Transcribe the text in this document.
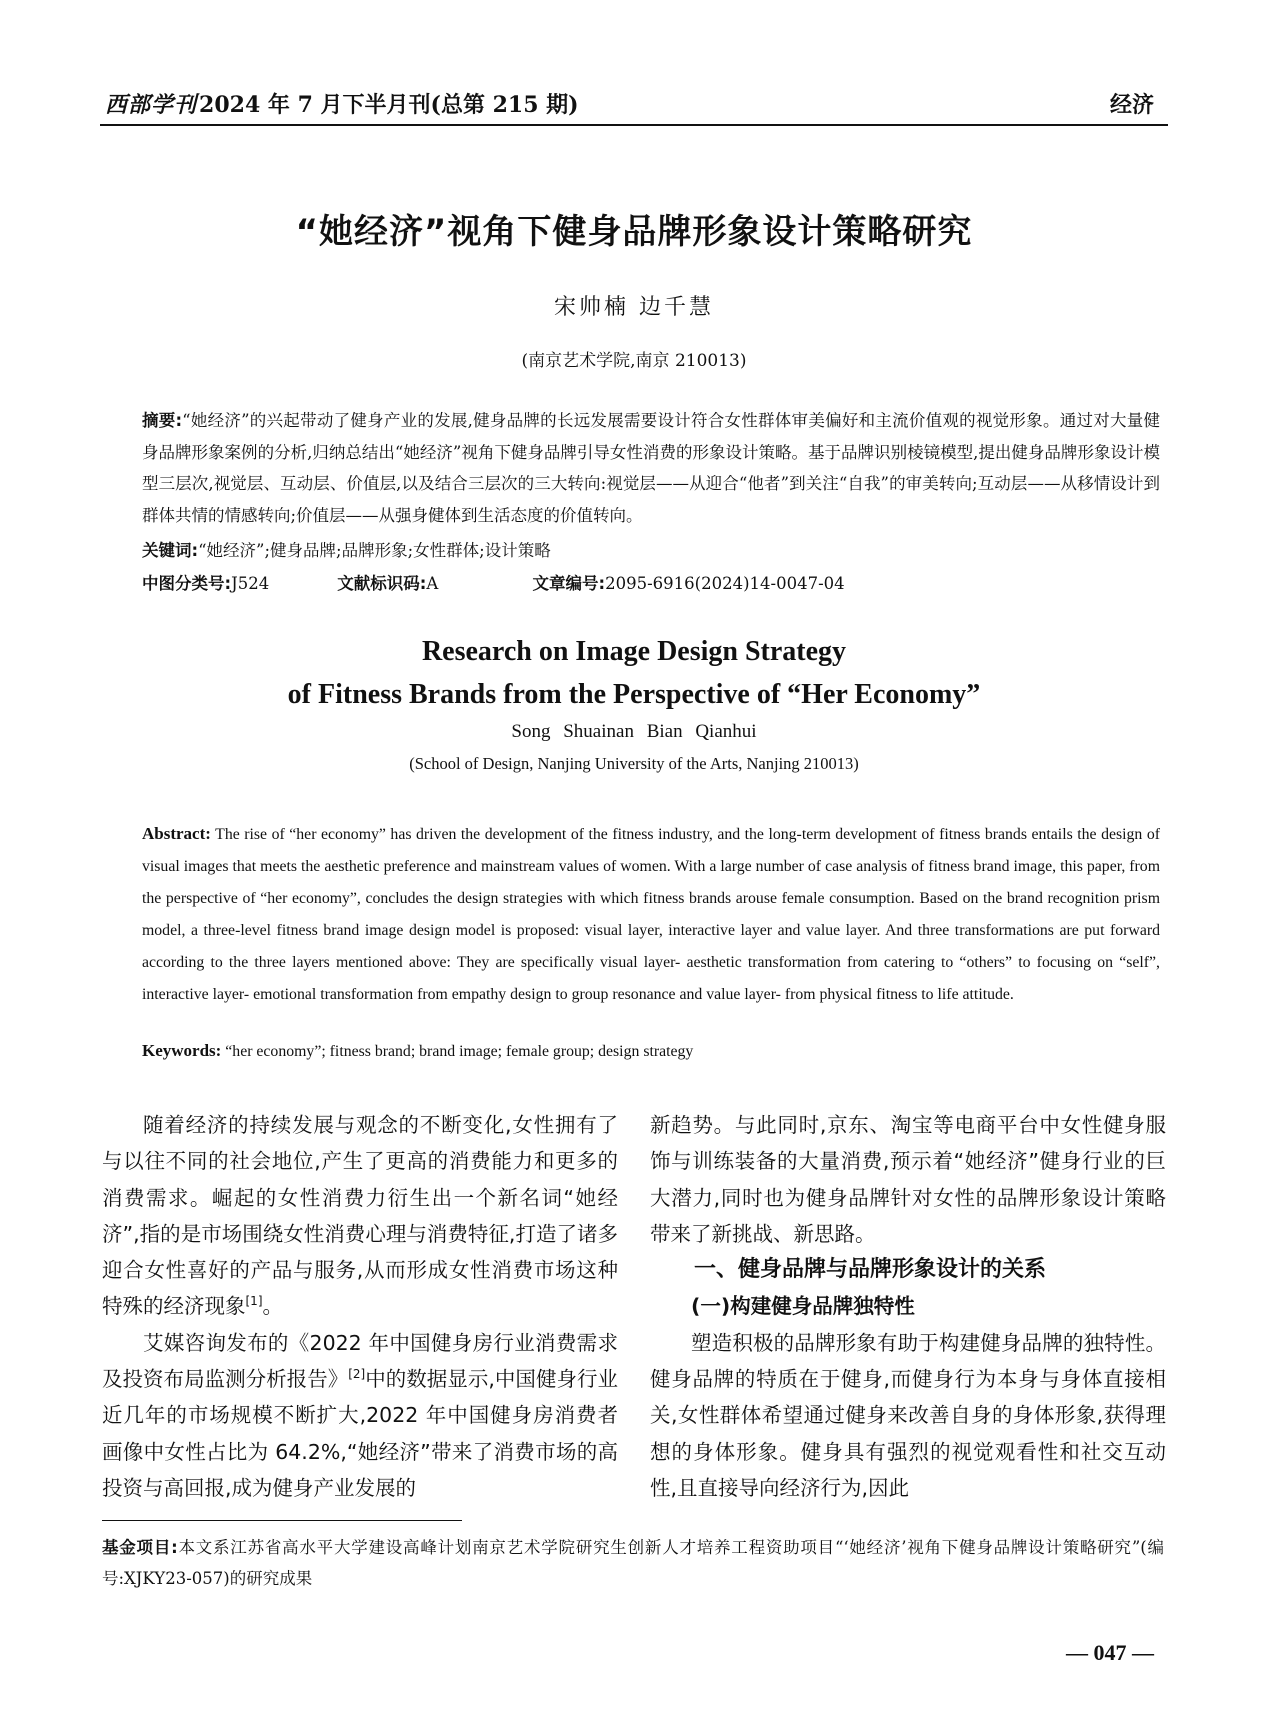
西部学刊 2024 年 7 月下半月刊(总第 215 期)	经济
“她经济”视角下健身品牌形象设计策略研究
宋帅楠 边千慧
(南京艺术学院,南京 210013)
摘要:“她经济”的兴起带动了健身产业的发展,健身品牌的长远发展需要设计符合女性群体审美偏好和主流价值观的视觉形象。通过对大量健身品牌形象案例的分析,归纳总结出“她经济”视角下健身品牌引导女性消费的形象设计策略。基于品牌识别棱镜模型,提出健身品牌形象设计模型三层次,视觉层、互动层、价值层,以及结合三层次的三大转向:视觉层——从迎合“他者”到关注“自我”的审美转向;互动层——从移情设计到群体共情的情感转向;价值层——从强身健体到生活态度的价值转向。
关键词:“她经济”;健身品牌;品牌形象;女性群体;设计策略
中图分类号:J524	文献标识码:A	文章编号:2095-6916(2024)14-0047-04
Research on Image Design Strategy
of Fitness Brands from the Perspective of “Her Economy”
Song Shuainan Bian Qianhui
(School of Design, Nanjing University of the Arts, Nanjing 210013)
Abstract: The rise of “her economy” has driven the development of the fitness industry, and the long-term development of fitness brands entails the design of visual images that meets the aesthetic preference and mainstream values of women. With a large number of case analysis of fitness brand image, this paper, from the perspective of “her economy”, concludes the design strategies with which fitness brands arouse female consumption. Based on the brand recognition prism model, a three-level fitness brand image design model is proposed: visual layer, interactive layer and value layer. And three transformations are put forward according to the three layers mentioned above: They are specifically visual layer- aesthetic transformation from catering to “others” to focusing on “self”, interactive layer- emotional transformation from empathy design to group resonance and value layer- from physical fitness to life attitude.
Keywords: “her economy”; fitness brand; brand image; female group; design strategy

随着经济的持续发展与观念的不断变化,女性拥有了与以往不同的社会地位,产生了更高的消费能力和更多的消费需求。崛起的女性消费力衍生出一个新名词“她经济”,指的是市场围绕女性消费心理与消费特征,打造了诸多迎合女性喜好的产品与服务,从而形成女性消费市场这种特殊的经济现象[1]。

艾媒咨询发布的《2022 年中国健身房行业消费需求及投资布局监测分析报告》[2]中的数据显示,中国健身行业近几年的市场规模不断扩大,2022 年中国健身房消费者画像中女性占比为 64.2%,“她经济”带来了消费市场的高投资与高回报,成为健身产业发展的

新趋势。与此同时,京东、淘宝等电商平台中女性健身服饰与训练装备的大量消费,预示着“她经济”健身行业的巨大潜力,同时也为健身品牌针对女性的品牌形象设计策略带来了新挑战、新思路。

一、健身品牌与品牌形象设计的关系

(一)构建健身品牌独特性

塑造积极的品牌形象有助于构建健身品牌的独特性。健身品牌的特质在于健身,而健身行为本身与身体直接相关,女性群体希望通过健身来改善自身的身体形象,获得理想的身体形象。健身具有强烈的视觉观看性和社交互动性,且直接导向经济行为,因此

基金项目:本文系江苏省高水平大学建设高峰计划南京艺术学院研究生创新人才培养工程资助项目“‘她经济’视角下健身品牌设计策略研究”(编号:XJKY23-057)的研究成果
— 047 —
